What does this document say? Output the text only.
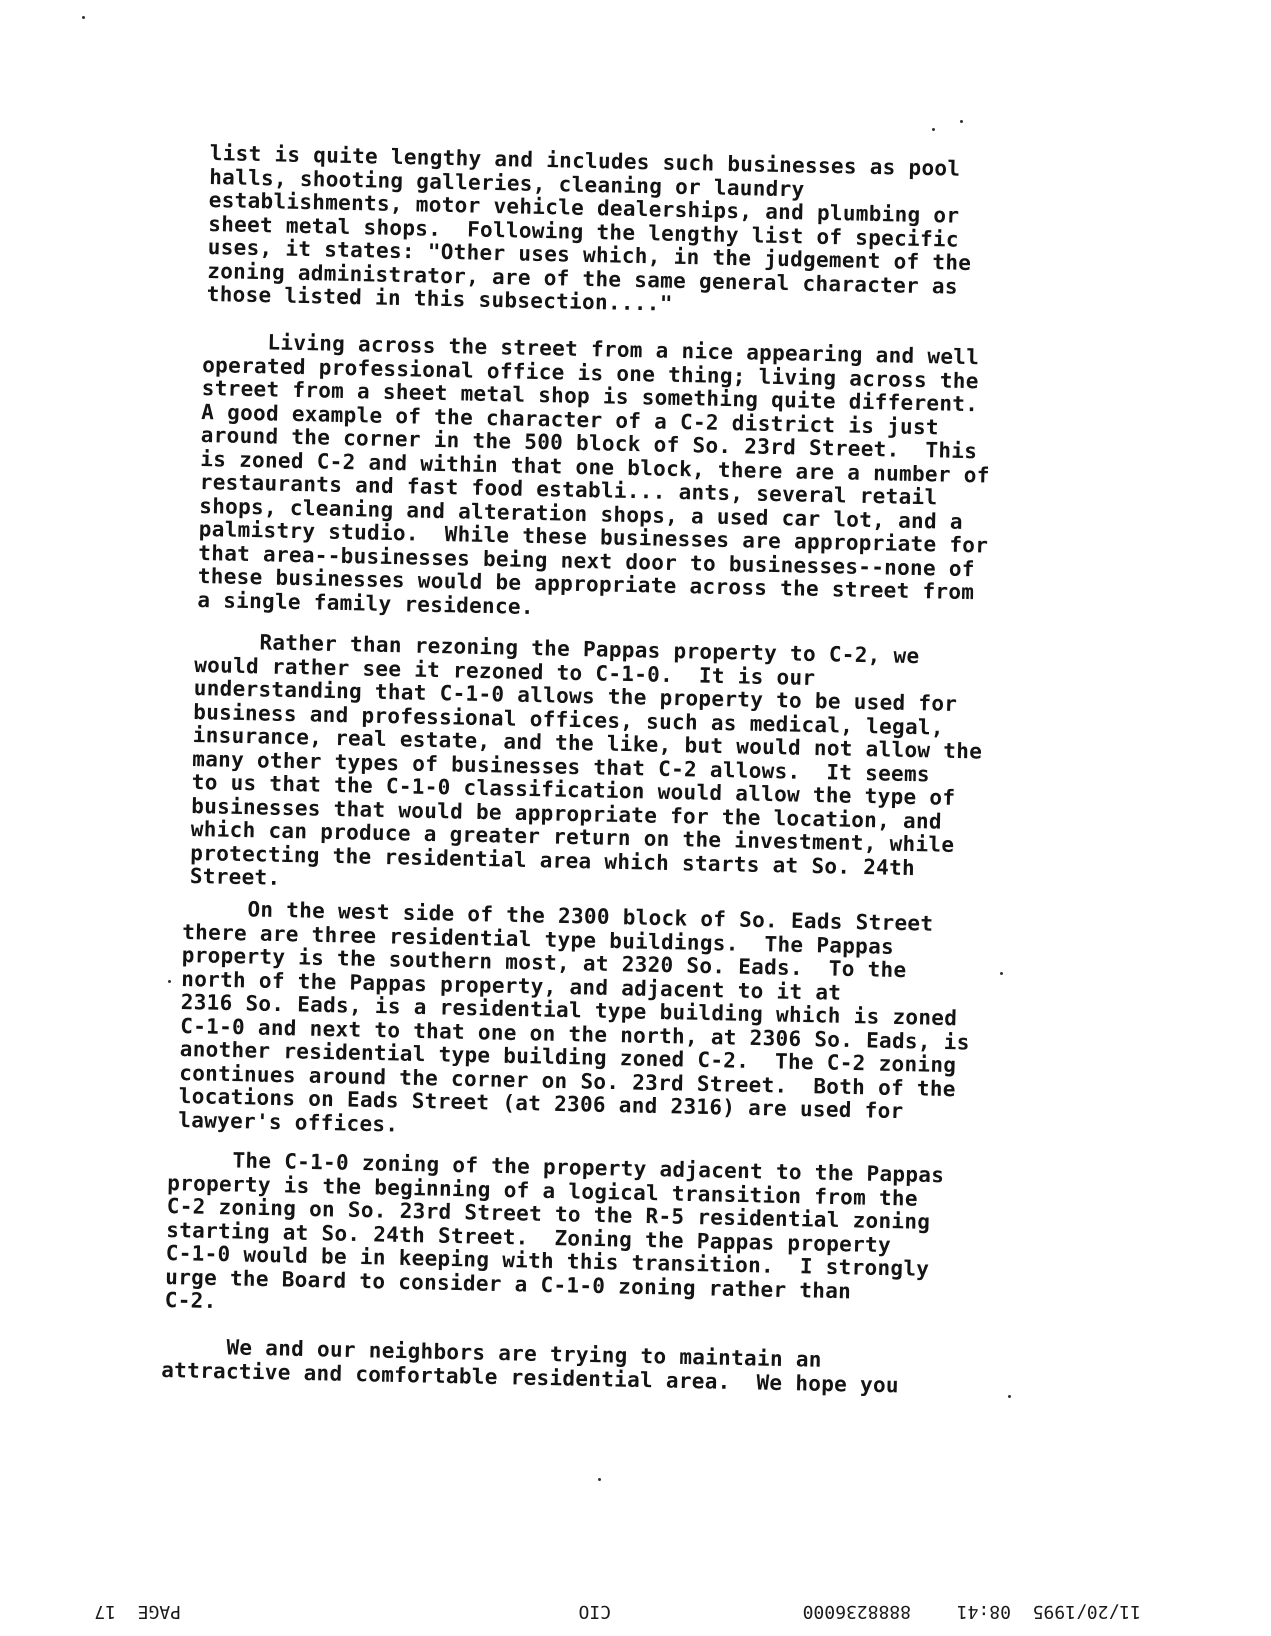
list is quite lengthy and includes such businesses as pool
halls, shooting galleries, cleaning or laundry
establishments, motor vehicle dealerships, and plumbing or
sheet metal shops.  Following the lengthy list of specific
uses, it states: "Other uses which, in the judgement of the
zoning administrator, are of the same general character as
those listed in this subsection...."
Living across the street from a nice appearing and well
operated professional office is one thing; living across the
street from a sheet metal shop is something quite different.
A good example of the character of a C-2 district is just
around the corner in the 500 block of So. 23rd Street.  This
is zoned C-2 and within that one block, there are a number of
restaurants and fast food establi... ants, several retail
shops, cleaning and alteration shops, a used car lot, and a
palmistry studio.  While these businesses are appropriate for
that area--businesses being next door to businesses--none of
these businesses would be appropriate across the street from
a single family residence.
Rather than rezoning the Pappas property to C-2, we
would rather see it rezoned to C-1-0.  It is our
understanding that C-1-0 allows the property to be used for
business and professional offices, such as medical, legal,
insurance, real estate, and the like, but would not allow the
many other types of businesses that C-2 allows.  It seems
to us that the C-1-0 classification would allow the type of
businesses that would be appropriate for the location, and
which can produce a greater return on the investment, while
protecting the residential area which starts at So. 24th
Street.
On the west side of the 2300 block of So. Eads Street
there are three residential type buildings.  The Pappas
property is the southern most, at 2320 So. Eads.  To the
north of the Pappas property, and adjacent to it at
2316 So. Eads, is a residential type building which is zoned
C-1-0 and next to that one on the north, at 2306 So. Eads, is
another residential type building zoned C-2.  The C-2 zoning
continues around the corner on So. 23rd Street.  Both of the
locations on Eads Street (at 2306 and 2316) are used for
lawyer's offices.
The C-1-0 zoning of the property adjacent to the Pappas
property is the beginning of a logical transition from the
C-2 zoning on So. 23rd Street to the R-5 residential zoning
starting at So. 24th Street.  Zoning the Pappas property
C-1-0 would be in keeping with this transition.  I strongly
urge the Board to consider a C-1-0 zoning rather than
C-2.
We and our neighbors are trying to maintain an
attractive and comfortable residential area.  We hope you
11/20/1995  08:41
8888236000
CIO
PAGE  17
